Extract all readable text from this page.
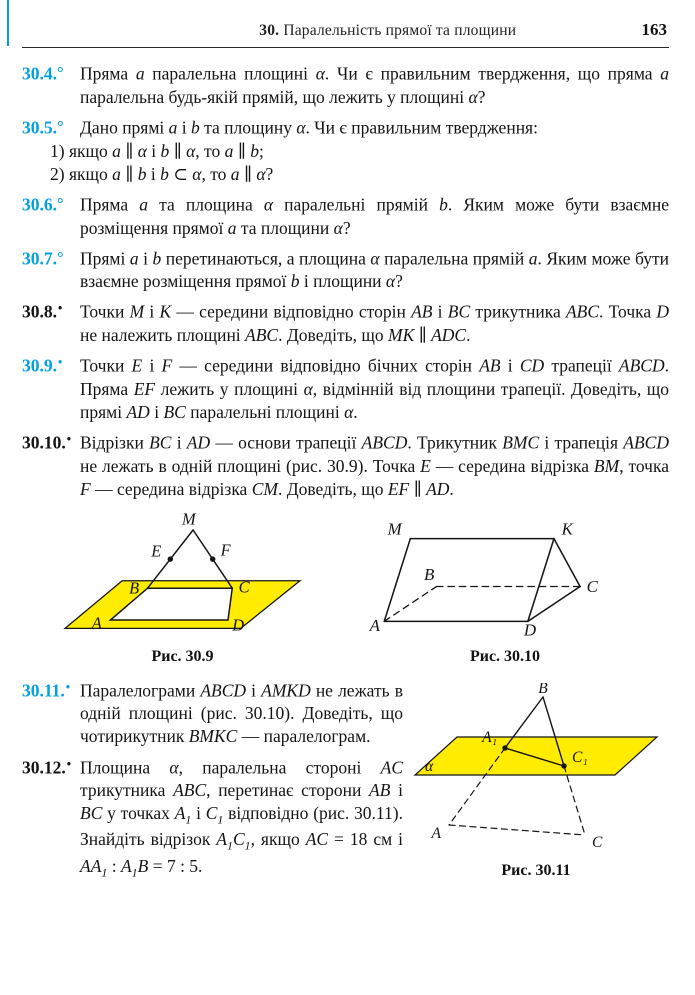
30. Паралельність прямої та площини	163
30.4.° Пряма a паралельна площині α. Чи є правильним твердження, що пряма a паралельна будь-якій прямій, що лежить у площині α?
30.5.° Дано прямі a і b та площину α. Чи є правильним твердження:
1) якщо a ∥ α і b ∥ α, то a ∥ b;
2) якщо a ∥ b і b ⊂ α, то a ∥ α?
30.6.° Пряма a та площина α паралельні прямій b. Яким може бути взаємне розміщення прямої a та площини α?
30.7.° Прямі a і b перетинаються, а площина α паралельна прямій a. Яким може бути взаємне розміщення прямої b і площини α?
30.8.• Точки M і K — середини відповідно сторін AB і BC трикутника ABC. Точка D не належить площині ABC. Доведіть, що MK ∥ ADC.
30.9.• Точки E і F — середини відповідно бічних сторін AB і CD трапеції ABCD. Пряма EF лежить у площині α, відмінній від площини трапеції. Доведіть, що прямі AD і BC паралельні площині α.
30.10.• Відрізки BC і AD — основи трапеції ABCD. Трикутник BMC і трапеція ABCD не лежать в одній площині (рис. 30.9). Точка E — середина відрізка BM, точка F — середина відрізка CM. Доведіть, що EF ∥ AD.
M
E	F
B	C
A	D
Рис. 30.9
M	K
B
C
A	D
Рис. 30.10
30.11.• Паралелограми ABCD і AMKD не лежать в одній площині (рис. 30.10). Доведіть, що чотирикутник BMKC — паралелограм.
30.12.• Площина α, паралельна стороні AC трикутника ABC, перетинає сторони AB і BC у точках $A_1$ і $C_1$ відповідно (рис. 30.11). Знайдіть відрізок $A_1C_1$, якщо AC = 18 см і $AA_1$ : $A_1B = 7$ : 5.
B
A₁
C₁
α
A
C
Рис. 30.11
